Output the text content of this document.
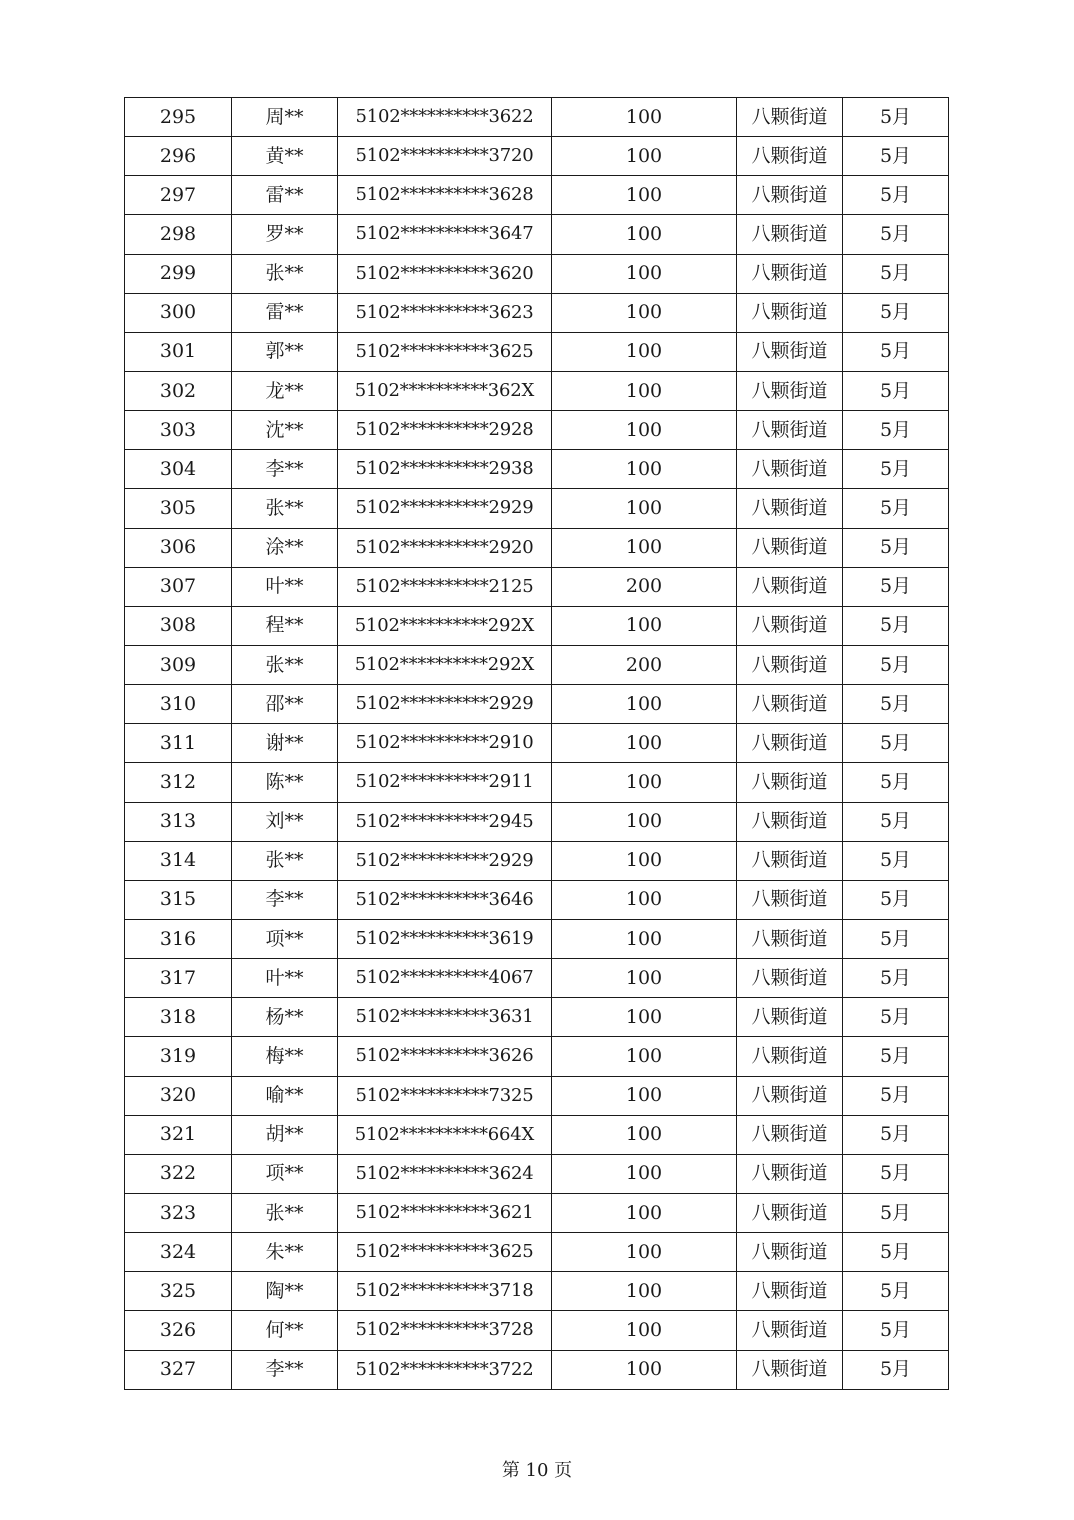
295	周**	5102**********3622	100	八颗街道	5月
296	黄**	5102**********3720	100	八颗街道	5月
297	雷**	5102**********3628	100	八颗街道	5月
298	罗**	5102**********3647	100	八颗街道	5月
299	张**	5102**********3620	100	八颗街道	5月
300	雷**	5102**********3623	100	八颗街道	5月
301	郭**	5102**********3625	100	八颗街道	5月
302	龙**	5102**********362X	100	八颗街道	5月
303	沈**	5102**********2928	100	八颗街道	5月
304	李**	5102**********2938	100	八颗街道	5月
305	张**	5102**********2929	100	八颗街道	5月
306	涂**	5102**********2920	100	八颗街道	5月
307	叶**	5102**********2125	200	八颗街道	5月
308	程**	5102**********292X	100	八颗街道	5月
309	张**	5102**********292X	200	八颗街道	5月
310	邵**	5102**********2929	100	八颗街道	5月
311	谢**	5102**********2910	100	八颗街道	5月
312	陈**	5102**********2911	100	八颗街道	5月
313	刘**	5102**********2945	100	八颗街道	5月
314	张**	5102**********2929	100	八颗街道	5月
315	李**	5102**********3646	100	八颗街道	5月
316	项**	5102**********3619	100	八颗街道	5月
317	叶**	5102**********4067	100	八颗街道	5月
318	杨**	5102**********3631	100	八颗街道	5月
319	梅**	5102**********3626	100	八颗街道	5月
320	喻**	5102**********7325	100	八颗街道	5月
321	胡**	5102**********664X	100	八颗街道	5月
322	项**	5102**********3624	100	八颗街道	5月
323	张**	5102**********3621	100	八颗街道	5月
324	朱**	5102**********3625	100	八颗街道	5月
325	陶**	5102**********3718	100	八颗街道	5月
326	何**	5102**********3728	100	八颗街道	5月
327	李**	5102**********3722	100	八颗街道	5月
第 10 页
